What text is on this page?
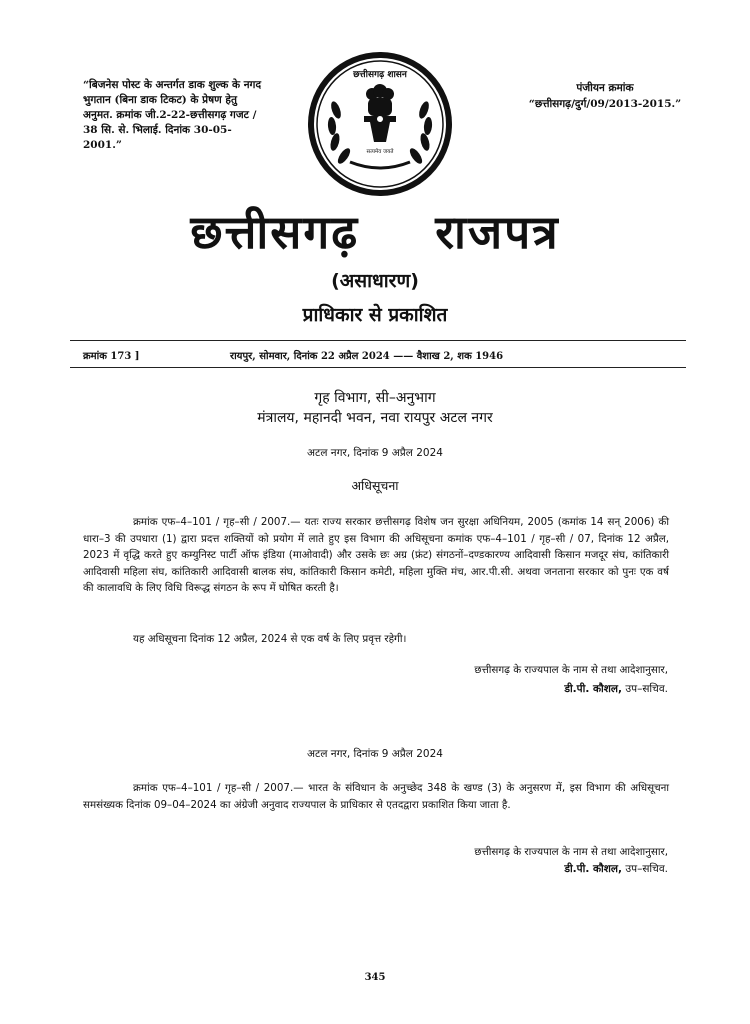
“बिजनेस पोस्ट के अन्तर्गत डाक शुल्क के नगद भुगतान (बिना डाक टिकट) के प्रेषण हेतु अनुमत. क्रमांक जी.2-22-छत्तीसगढ़ गजट / 38 सि. से. भिलाई. दिनांक 30-05-2001.”
छत्तीसगढ़ शासन
सत्यमेव जयते
पंजीयन क्रमांक
“छत्तीसगढ़/दुर्ग/09/2013-2015.”
छत्तीसगढ़ राजपत्र
(असाधारण)
प्राधिकार से प्रकाशित
क्रमांक 173 ]	रायपुर, सोमवार, दिनांक 22 अप्रैल 2024 —— वैशाख 2, शक 1946
गृह विभाग, सी–अनुभाग
मंत्रालय, महानदी भवन, नवा रायपुर अटल नगर
अटल नगर, दिनांक 9 अप्रैल 2024
अधिसूचना
क्रमांक एफ–4–101 / गृह–सी / 2007.— यतः राज्य सरकार छत्तीसगढ़ विशेष जन सुरक्षा अधिनियम, 2005 (कमांक 14 सन् 2006) की धारा–3 की उपधारा (1) द्वारा प्रदत्त शक्तियों को प्रयोग में लाते हुए इस विभाग की अधिसूचना कमांक एफ–4–101 / गृह–सी / 07, दिनांक 12 अप्रैल, 2023 में वृद्धि करते हुए कम्युनिस्ट पार्टी ऑफ इंडिया (माओवादी) और उसके छः अग्र (फ्रंट) संगठनों–दण्डकारण्य आदिवासी किसान मजदूर संघ, कांतिकारी आदिवासी महिला संघ, कांतिकारी आदिवासी बालक संघ, कांतिकारी किसान कमेटी, महिला मुक्ति मंच, आर.पी.सी. अथवा जनताना सरकार को पुनः एक वर्ष की कालावधि के लिए विधि विरूद्ध संगठन के रूप में घोषित करती है।
यह अधिसूचना दिनांक 12 अप्रैल, 2024 से एक वर्ष के लिए प्रवृत्त रहेगी।
छत्तीसगढ़ के राज्यपाल के नाम से तथा आदेशानुसार,
डी.पी. कौशल, उप–सचिव.
अटल नगर, दिनांक 9 अप्रैल 2024
क्रमांक एफ–4–101 / गृह–सी / 2007.— भारत के संविधान के अनुच्छेद 348 के खण्ड (3) के अनुसरण में, इस विभाग की अधिसूचना समसंख्यक दिनांक 09–04–2024 का अंग्रेजी अनुवाद राज्यपाल के प्राधिकार से एतदद्वारा प्रकाशित किया जाता है.
छत्तीसगढ़ के राज्यपाल के नाम से तथा आदेशानुसार,
डी.पी. कौशल, उप–सचिव.
345
